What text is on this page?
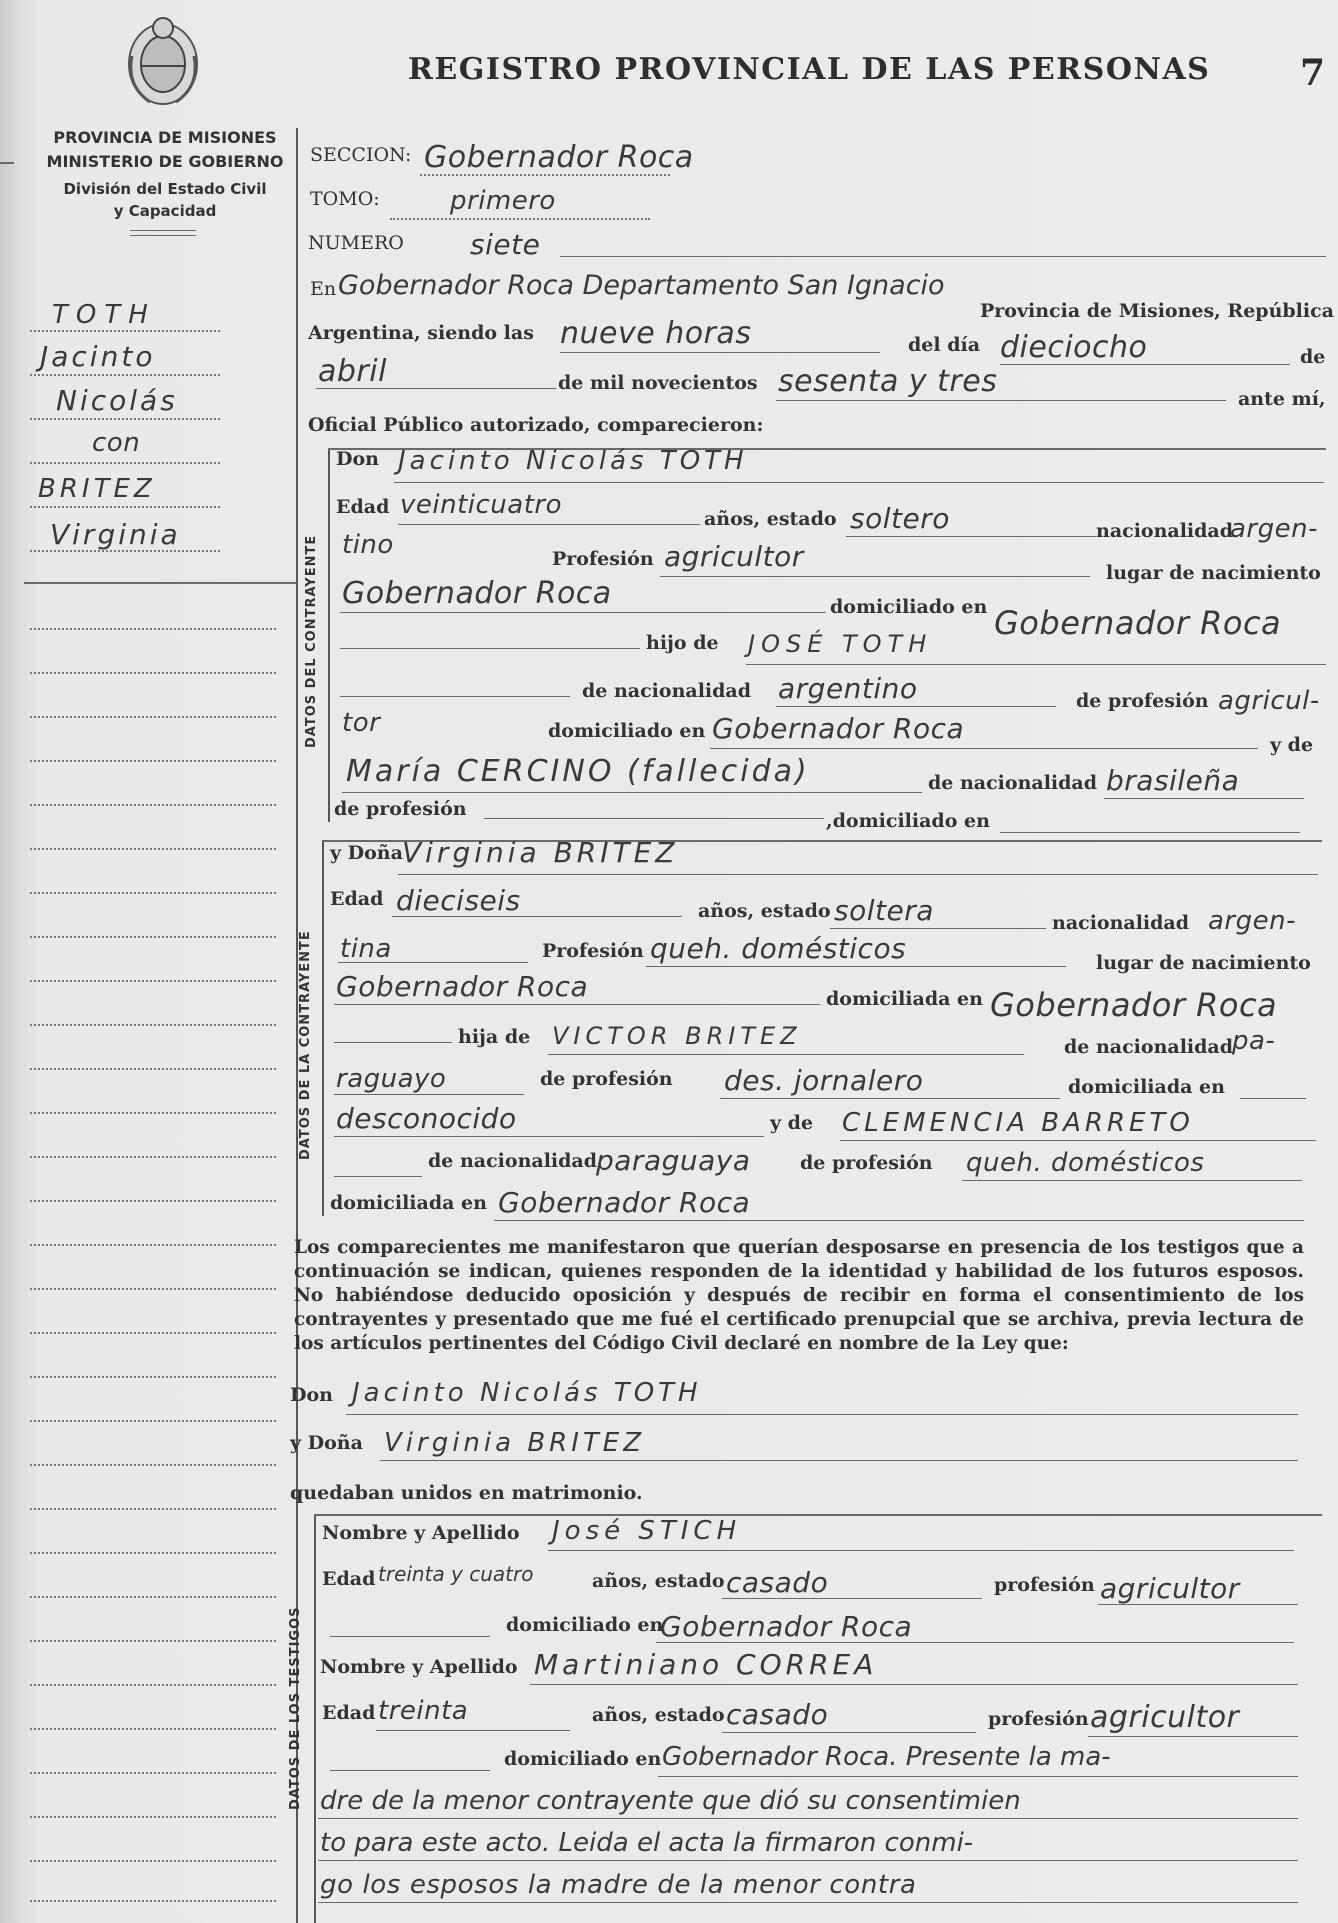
PROVINCIA DE MISIONES
MINISTERIO DE GOBIERNO
División del Estado Civil
y Capacidad
REGISTRO PROVINCIAL DE LAS PERSONAS 7
TOTH
Jacinto
Nicolás
con
BRITEZ
Virginia
SECCION: Gobernador Roca
TOMO:	primero
NUMERO siete
En Gobernador Roca Departamento San Ignacio
Provincia de Misiones, República
Argentina, siendo las nueve horas	del día dieciocho	de
abril	de mil novecientos sesenta y tres	ante mí,
Oficial Público autorizado, comparecieron:
DATOS DEL CONTRAYENTE
Don Jacinto Nicolás TOTH
Edad veinticuatro	años, estado soltero	nacionalidad
argen-
tino	Profesión agricultor	lugar de nacimiento
Gobernador Roca	domiciliado en Gobernador Roca
hijo de JOSÉ TOTH
de nacionalidad argentino	de profesión agricul-
tor	domiciliado en Gobernador Roca	y de
María CERCINO (fallecida)	de nacionalidad brasileña
de profesión
,domiciliado en
DATOS DE LA CONTRAYENTE
y Doña Virginia BRITEZ
Edad dieciseis	años, estado soltera	nacionalidad argen-
tina	Profesión queh. domésticos	lugar de nacimiento
Gobernador Roca	domiciliada en Gobernador Roca
hija de VICTOR BRITEZ	de nacionalidad
pa-
raguayo	de profesión des. jornalero	domiciliada en
desconocido	y de CLEMENCIA BARRETO
de nacionalidad
paraguaya	de profesión queh. domésticos
domiciliada en Gobernador Roca
Los comparecientes me manifestaron que querían desposarse en presencia de los testigos que a continuación se indican, quienes responden de la identidad y habilidad de los futuros esposos. No habiéndose deducido oposición y después de recibir en forma el consentimiento de los contrayentes y presentado que me fué el certificado prenupcial que se archiva, previa lectura de los artículos pertinentes del Código Civil declaré en nombre de la Ley que:
Don Jacinto Nicolás TOTH
y Doña Virginia BRITEZ
quedaban unidos en matrimonio.
DATOS DE LOS TESTIGOS
Nombre y Apellido José STICH
Edad treinta y cuatro	años, estado casado	profesión agricultor
domiciliado en
Gobernador Roca
Nombre y Apellido Martiniano CORREA
Edad treinta	años, estado casado	profesión agricultor
domiciliado en Gobernador Roca. Presente la ma-
dre de la menor contrayente que dió su consentimien
to para este acto. Leida el acta la firmaron conmi-
go los esposos la madre de la menor contra
